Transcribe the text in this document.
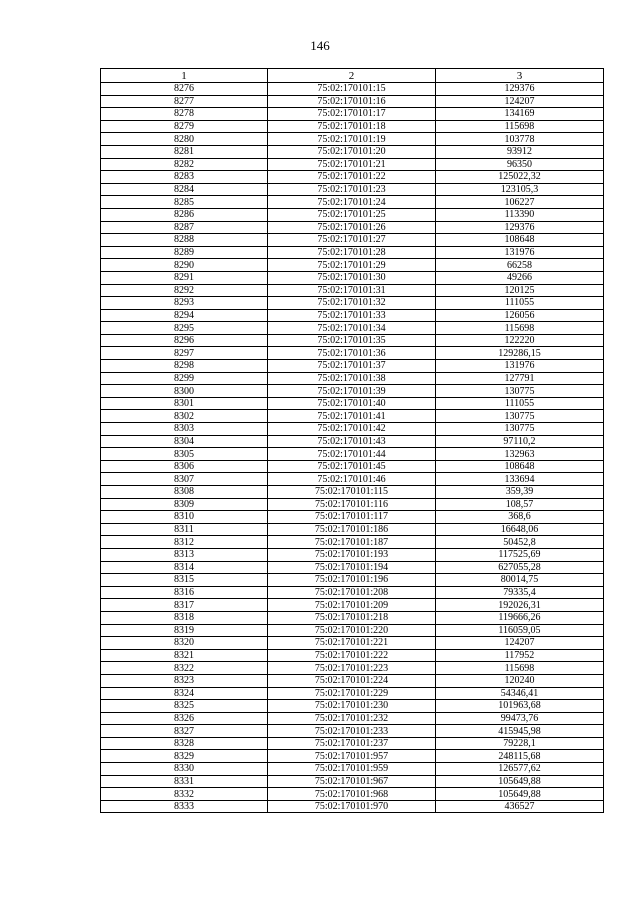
146
1	2	3
8276	75:02:170101:15	129376
8277	75:02:170101:16	124207
8278	75:02:170101:17	134169
8279	75:02:170101:18	115698
8280	75:02:170101:19	103778
8281	75:02:170101:20	93912
8282	75:02:170101:21	96350
8283	75:02:170101:22	125022,32
8284	75:02:170101:23	123105,3
8285	75:02:170101:24	106227
8286	75:02:170101:25	113390
8287	75:02:170101:26	129376
8288	75:02:170101:27	108648
8289	75:02:170101:28	131976
8290	75:02:170101:29	66258
8291	75:02:170101:30	49266
8292	75:02:170101:31	120125
8293	75:02:170101:32	111055
8294	75:02:170101:33	126056
8295	75:02:170101:34	115698
8296	75:02:170101:35	122220
8297	75:02:170101:36	129286,15
8298	75:02:170101:37	131976
8299	75:02:170101:38	127791
8300	75:02:170101:39	130775
8301	75:02:170101:40	111055
8302	75:02:170101:41	130775
8303	75:02:170101:42	130775
8304	75:02:170101:43	97110,2
8305	75:02:170101:44	132963
8306	75:02:170101:45	108648
8307	75:02:170101:46	133694
8308	75:02:170101:115	359,39
8309	75:02:170101:116	108,57
8310	75:02:170101:117	368,6
8311	75:02:170101:186	16648,06
8312	75:02:170101:187	50452,8
8313	75:02:170101:193	117525,69
8314	75:02:170101:194	627055,28
8315	75:02:170101:196	80014,75
8316	75:02:170101:208	79335,4
8317	75:02:170101:209	192026,31
8318	75:02:170101:218	119666,26
8319	75:02:170101:220	116059,05
8320	75:02:170101:221	124207
8321	75:02:170101:222	117952
8322	75:02:170101:223	115698
8323	75:02:170101:224	120240
8324	75:02:170101:229	54346,41
8325	75:02:170101:230	101963,68
8326	75:02:170101:232	99473,76
8327	75:02:170101:233	415945,98
8328	75:02:170101:237	79228,1
8329	75:02:170101:957	248115,68
8330	75:02:170101:959	126577,62
8331	75:02:170101:967	105649,88
8332	75:02:170101:968	105649,88
8333	75:02:170101:970	436527
